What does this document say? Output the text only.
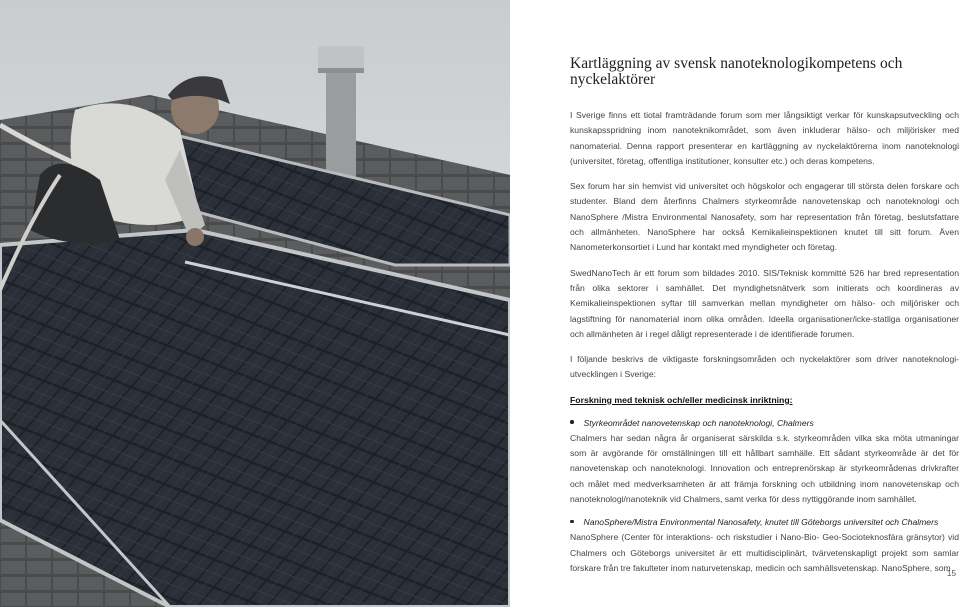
Kartläggning av svensk nanoteknologikompetens och nyckelaktörer

I Sverige finns ett tiotal framträdande forum som mer långsiktigt verkar för kunskapsutveckling och kunskapsspridning inom nanoteknikområdet, som även inkluderar hälso- och miljörisker med nanomaterial. Denna rapport presenterar en kartläggning av nyckelaktörerna inom nanoteknologi (universitet, företag, offentliga institutioner, konsulter etc.) och deras kompetens.

Sex forum har sin hemvist vid universitet och högskolor och engagerar till största delen forskare och studenter. Bland dem återfinns Chalmers styrkeområde nanovetenskap och nanoteknologi och NanoSphere /Mistra Environmental Nanosafety, som har representation från företag, beslutsfattare och allmänheten. NanoSphere har också Kemikalieinspektionen knutet till sitt forum. Även Nanometerkonsortiet i Lund har kontakt med myndigheter och företag.

SwedNanoTech är ett forum som bildades 2010. SIS/Teknisk kommitté 526 har bred representation från olika sektorer i samhället. Det myndighetsnätverk som initierats och koordineras av Kemikalieinspektionen syftar till samverkan mellan myndigheter om hälso- och miljörisker och lagstiftning för nanomaterial inom olika områden. Ideella organisationer/icke-statliga organisationer och allmänheten är i regel dåligt representerade i de identifierade forumen.

I följande beskrivs de viktigaste forskningsområden och nyckelaktörer som driver nanoteknologi-utvecklingen i Sverige:

Forskning med teknisk och/eller medicinsk inriktning:
Styrkeområdet nanovetenskap och nanoteknologi, Chalmers

Chalmers har sedan några år organiserat särskilda s.k. styrkeområden vilka ska möta utmaningar som är avgörande för omställningen till ett hållbart samhälle. Ett sådant styrkeområde är det för nanovetenskap och nanoteknologi. Innovation och entreprenörskap är styrkeområdenas drivkrafter och målet med medverksamheten är att främja forskning och utbildning inom nanovetenskap och nanoteknologi/nanoteknik vid Chalmers, samt verka för dess nyttiggörande inom samhället.

NanoSphere/Mistra Environmental Nanosafety, knutet till Göteborgs universitet och Chalmers

NanoSphere (Center för interaktions- och riskstudier i Nano-Bio- Geo-Socioteknosfära gränsytor) vid Chalmers och Göteborgs universitet är ett multidisciplinärt, tvärvetenskapligt projekt som samlar forskare från tre fakulteter inom naturvetenskap, medicin och samhällsvetenskap. NanoSphere, som

15
